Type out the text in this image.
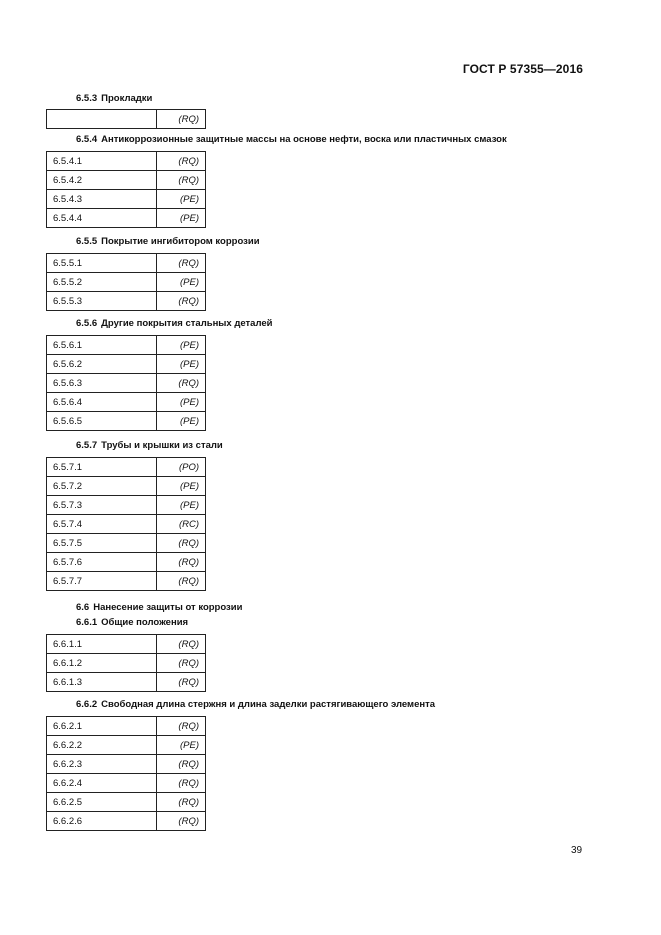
ГОСТ Р 57355—2016
6.5.3 Прокладки
	(RQ)
6.5.4 Антикоррозионные защитные массы на основе нефти, воска или пластичных смазок
6.5.4.1	(RQ)
6.5.4.2	(RQ)
6.5.4.3	(PE)
6.5.4.4	(PE)
6.5.5 Покрытие ингибитором коррозии
6.5.5.1	(RQ)
6.5.5.2	(PE)
6.5.5.3	(RQ)
6.5.6 Другие покрытия стальных деталей
6.5.6.1	(PE)
6.5.6.2	(PE)
6.5.6.3	(RQ)
6.5.6.4	(PE)
6.5.6.5	(PE)
6.5.7 Трубы и крышки из стали
6.5.7.1	(PO)
6.5.7.2	(PE)
6.5.7.3	(PE)
6.5.7.4	(RC)
6.5.7.5	(RQ)
6.5.7.6	(RQ)
6.5.7.7	(RQ)
6.6 Нанесение защиты от коррозии
6.6.1 Общие положения
6.6.1.1	(RQ)
6.6.1.2	(RQ)
6.6.1.3	(RQ)
6.6.2 Свободная длина стержня и длина заделки растягивающего элемента
6.6.2.1	(RQ)
6.6.2.2	(PE)
6.6.2.3	(RQ)
6.6.2.4	(RQ)
6.6.2.5	(RQ)
6.6.2.6	(RQ)
39
